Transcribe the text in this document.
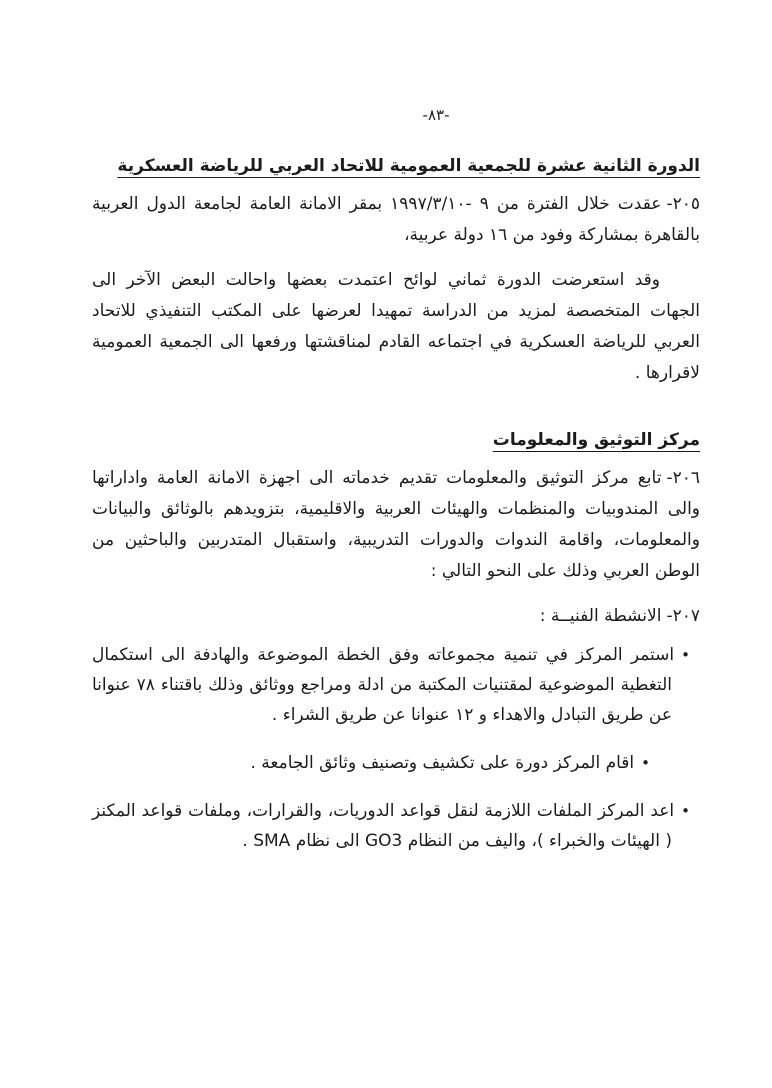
-٨٣-
الدورة الثانية عشرة للجمعية العمومية للاتحاد العربي للرياضة العسكرية

٢٠٥-عقدت خلال الفترة من ٩ -١٩٩٧/٣/١٠ بمقر الامانة العامة لجامعة الدول العربية بالقاهرة بمشاركة وفود من ١٦ دولة عربية،

وقد استعرضت الدورة ثماني لوائح اعتمدت بعضها واحالت البعض الآخر الى الجهات المتخصصة لمزيد من الدراسة تمهيدا لعرضها على المكتب التنفيذي للاتحاد العربي للرياضة العسكرية في اجتماعه القادم لمناقشتها ورفعها الى الجمعية العمومية لاقرارها .

مركز التوثيق والمعلومات

٢٠٦-تابع مركز التوثيق والمعلومات تقديم خدماته الى اجهزة الامانة العامة واداراتها والى المندوبيات والمنظمات والهيئات العربية والاقليمية، بتزويدهم بالوثائق والبيانات والمعلومات، واقامة الندوات والدورات التدريبية، واستقبال المتدربين والباحثين من الوطن العربي وذلك على النحو التالي :

٢٠٧-الانشطة الفنيــة :

•استمر المركز في تنمية مجموعاته وفق الخطة الموضوعة والهادفة الى استكمال التغطية الموضوعية لمقتنيات المكتبة من ادلة ومراجع ووثائق وذلك باقتناء ٧٨ عنوانا عن طريق التبادل والاهداء و ١٢ عنوانا عن طريق الشراء .
•اقام المركز دورة على تكشيف وتصنيف وثائق الجامعة .
•اعد المركز الملفات اللازمة لنقل قواعد الدوريات، والقرارات، وملفات قواعد المكنز ( الهيئات والخبراء )، واليف من النظام GO3 الى نظام SMA .
